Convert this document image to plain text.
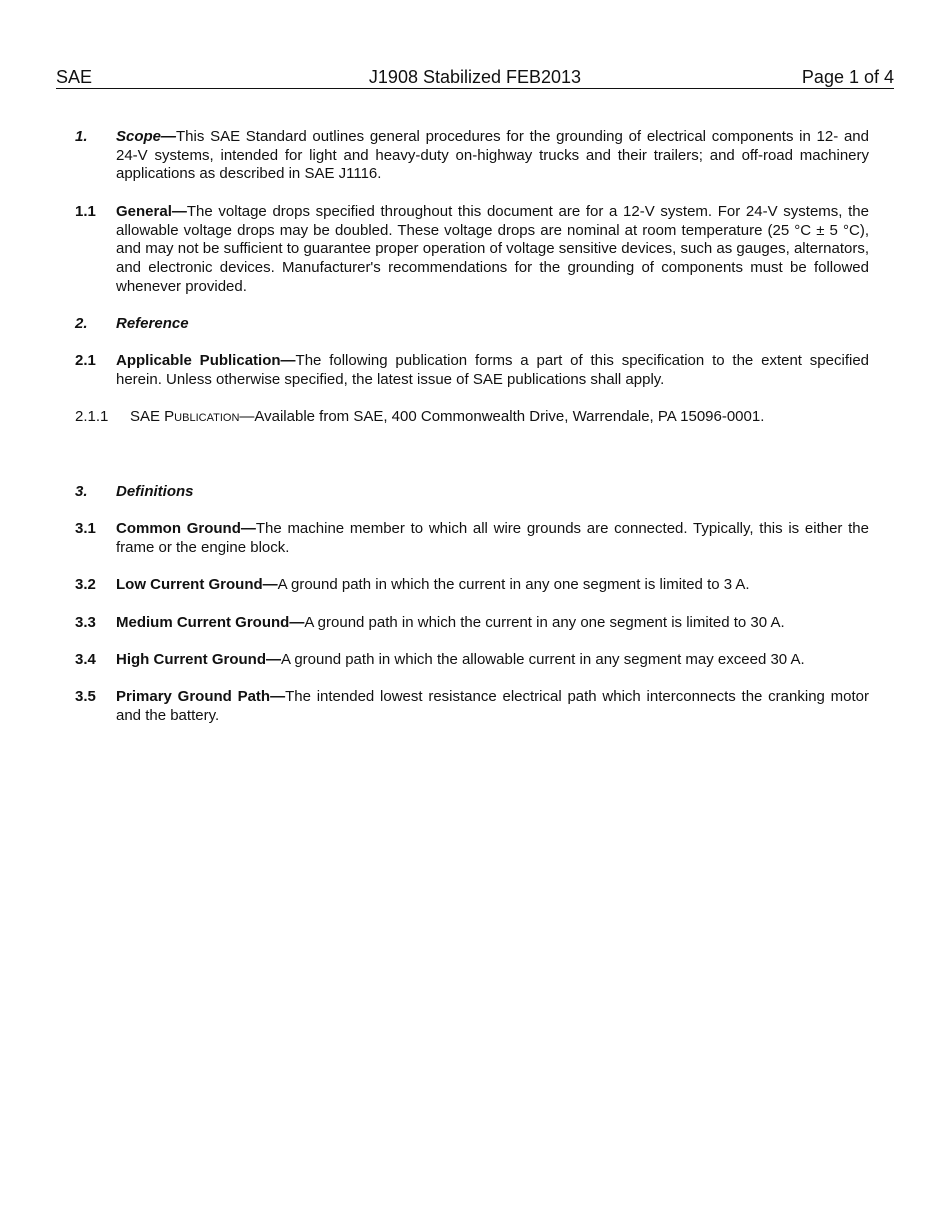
J1908 Stabilized FEB2013
SAE	Page 1 of 4
1. Scope—This SAE Standard outlines general procedures for the grounding of electrical components in 12- and 24-V systems, intended for light and heavy-duty on-highway trucks and their trailers; and off-road machinery applications as described in SAE J1116.
1.1 General—The voltage drops specified throughout this document are for a 12-V system. For 24-V systems, the allowable voltage drops may be doubled. These voltage drops are nominal at room temperature (25 °C ± 5 °C), and may not be sufficient to guarantee proper operation of voltage sensitive devices, such as gauges, alternators, and electronic devices. Manufacturer's recommendations for the grounding of components must be followed whenever provided.
2. Reference
2.1 Applicable Publication—The following publication forms a part of this specification to the extent specified herein. Unless otherwise specified, the latest issue of SAE publications shall apply.
2.1.1 SAE Publication—Available from SAE, 400 Commonwealth Drive, Warrendale, PA 15096-0001.
3. Definitions
3.1 Common Ground—The machine member to which all wire grounds are connected. Typically, this is either the frame or the engine block.
3.2 Low Current Ground—A ground path in which the current in any one segment is limited to 3 A.
3.3 Medium Current Ground—A ground path in which the current in any one segment is limited to 30 A.
3.4 High Current Ground—A ground path in which the allowable current in any segment may exceed 30 A.
3.5 Primary Ground Path—The intended lowest resistance electrical path which interconnects the cranking motor and the battery.
